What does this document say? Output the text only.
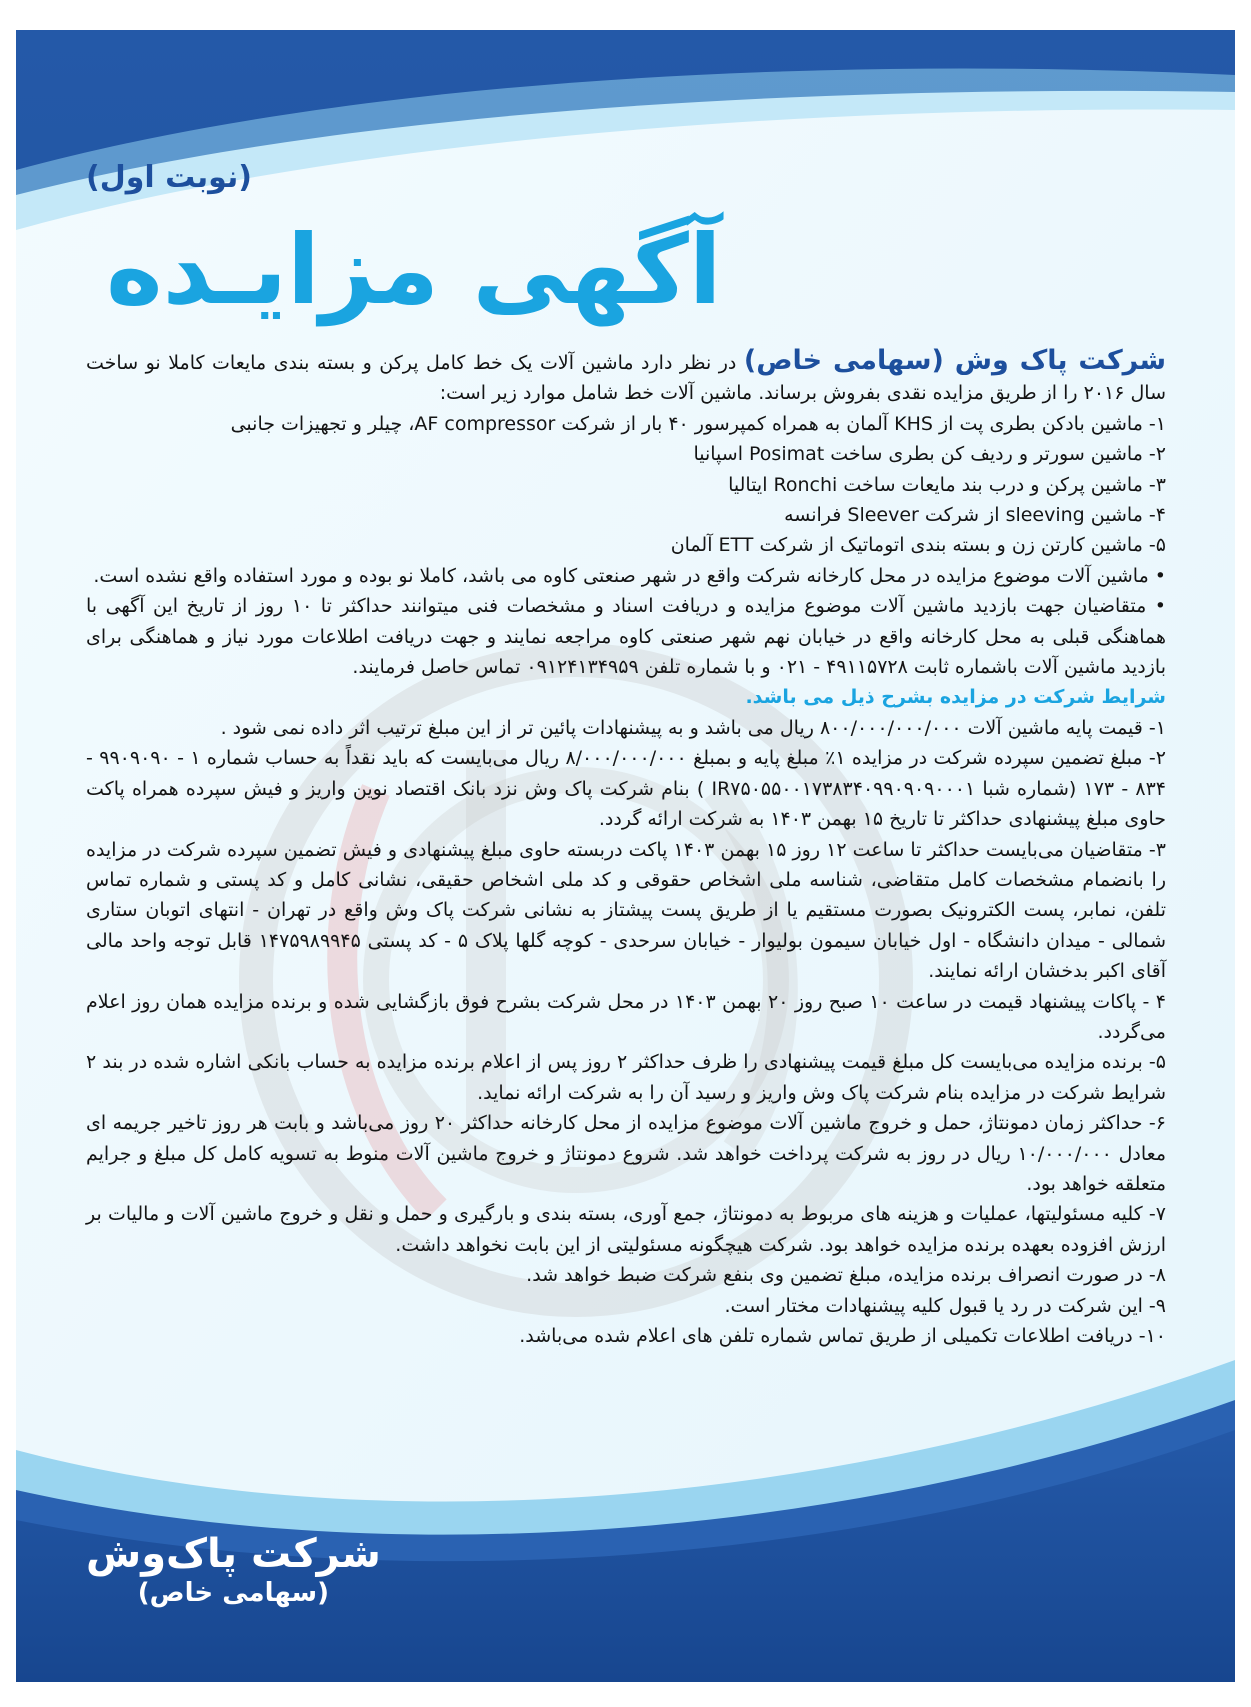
(نوبت اول)
آگهی مزایـده

شرکت پاک وش (سهامی خاص) در نظر دارد ماشین آلات یک خط کامل پرکن و بسته بندی مایعات کاملا نو ساخت سال ۲۰۱۶ را از طریق مزایده نقدی بفروش برساند. ماشین آلات خط شامل موارد زیر است:

۱- ماشین بادکن بطری پت از KHS آلمان به همراه کمپرسور ۴۰ بار از شرکت AF compressor، چیلر و تجهیزات جانبی

۲- ماشین سورتر و ردیف کن بطری ساخت Posimat اسپانیا

۳- ماشین پرکن و درب بند مایعات ساخت Ronchi ایتالیا

۴- ماشین sleeving از شرکت Sleever فرانسه

۵- ماشین کارتن زن و بسته بندی اتوماتیک از شرکت ETT آلمان

• ماشین آلات موضوع مزایده در محل کارخانه شرکت واقع در شهر صنعتی کاوه می باشد، کاملا نو بوده و مورد استفاده واقع نشده است.

• متقاضیان جهت بازدید ماشین آلات موضوع مزایده و دریافت اسناد و مشخصات فنی میتوانند حداکثر تا ۱۰ روز از تاریخ این آگهی با هماهنگی قبلی به محل کارخانه واقع در خیابان نهم شهر صنعتی کاوه مراجعه نمایند و جهت دریافت اطلاعات مورد نیاز و هماهنگی برای بازدید ماشین آلات باشماره ثابت ۴۹۱۱۵۷۲۸ - ۰۲۱ و با شماره تلفن ۰۹۱۲۴۱۳۴۹۵۹ تماس حاصل فرمایند.

شرایط شرکت در مزایده بشرح ذیل می باشد.

۱- قیمت پایه ماشین آلات ۸۰۰/۰۰۰/۰۰۰/۰۰۰ ریال می باشد و به پیشنهادات پائین تر از این مبلغ ترتیب اثر داده نمی شود .

۲- مبلغ تضمین سپرده شرکت در مزایده ۱٪ مبلغ پایه و بمبلغ ۸/۰۰۰/۰۰۰/۰۰۰ ریال می‌بایست که باید نقداً به حساب شماره ۱ - ۹۹۰۹۰۹۰ - ۸۳۴ - ۱۷۳ (شماره شبا IR۷۵۰۵۵۰۰۱۷۳۸۳۴۰۹۹۰۹۰۹۰۰۰۱ ) بنام شرکت پاک وش نزد بانک اقتصاد نوین واریز و فیش سپرده همراه پاکت حاوی مبلغ پیشنهادی حداکثر تا تاریخ ۱۵ بهمن ۱۴۰۳ به شرکت ارائه گردد.

۳- متقاضیان می‌بایست حداکثر تا ساعت ۱۲ روز ۱۵ بهمن ۱۴۰۳ پاکت دربسته حاوی مبلغ پیشنهادی و فیش تضمین سپرده شرکت در مزایده را بانضمام مشخصات کامل متقاضی، شناسه ملی اشخاص حقوقی و کد ملی اشخاص حقیقی، نشانی کامل و کد پستی و شماره تماس تلفن، نمابر، پست الکترونیک بصورت مستقیم یا از طریق پست پیشتاز به نشانی شرکت پاک وش واقع در تهران - انتهای اتوبان ستاری شمالی - میدان دانشگاه - اول خیابان سیمون بولیوار - خیابان سرحدی - کوچه گلها پلاک ۵ - کد پستی ۱۴۷۵۹۸۹۹۴۵ قابل توجه واحد مالی آقای اکبر بدخشان ارائه نمایند.

۴ - پاکات پیشنهاد قیمت در ساعت ۱۰ صبح روز ۲۰ بهمن ۱۴۰۳ در محل شرکت بشرح فوق بازگشایی شده و برنده مزایده همان روز اعلام می‌گردد.

۵- برنده مزایده می‌بایست کل مبلغ قیمت پیشنهادی را ظرف حداکثر ۲ روز پس از اعلام برنده مزایده به حساب بانکی اشاره شده در بند ۲ شرایط شرکت در مزایده بنام شرکت پاک وش واریز و رسید آن را به شرکت ارائه نماید.

۶- حداکثر زمان دمونتاژ، حمل و خروج ماشین آلات موضوع مزایده از محل کارخانه حداکثر ۲۰ روز می‌باشد و بابت هر روز تاخیر جریمه ای معادل ۱۰/۰۰۰/۰۰۰ ریال در روز به شرکت پرداخت خواهد شد. شروع دمونتاژ و خروج ماشین آلات منوط به تسویه کامل کل مبلغ و جرایم متعلقه خواهد بود.

۷- کلیه مسئولیتها، عملیات و هزینه های مربوط به دمونتاژ، جمع آوری، بسته بندی و بارگیری و حمل و نقل و خروج ماشین آلات و مالیات بر ارزش افزوده بعهده برنده مزایده خواهد بود. شرکت هیچگونه مسئولیتی از این بابت نخواهد داشت.

۸- در صورت انصراف برنده مزایده، مبلغ تضمین وی بنفع شرکت ضبط خواهد شد.

۹- این شرکت در رد یا قبول کلیه پیشنهادات مختار است.

۱۰- دریافت اطلاعات تکمیلی از طریق تماس شماره تلفن های اعلام شده می‌باشد.

شرکت پاک‌وش
(سهامی خاص)
